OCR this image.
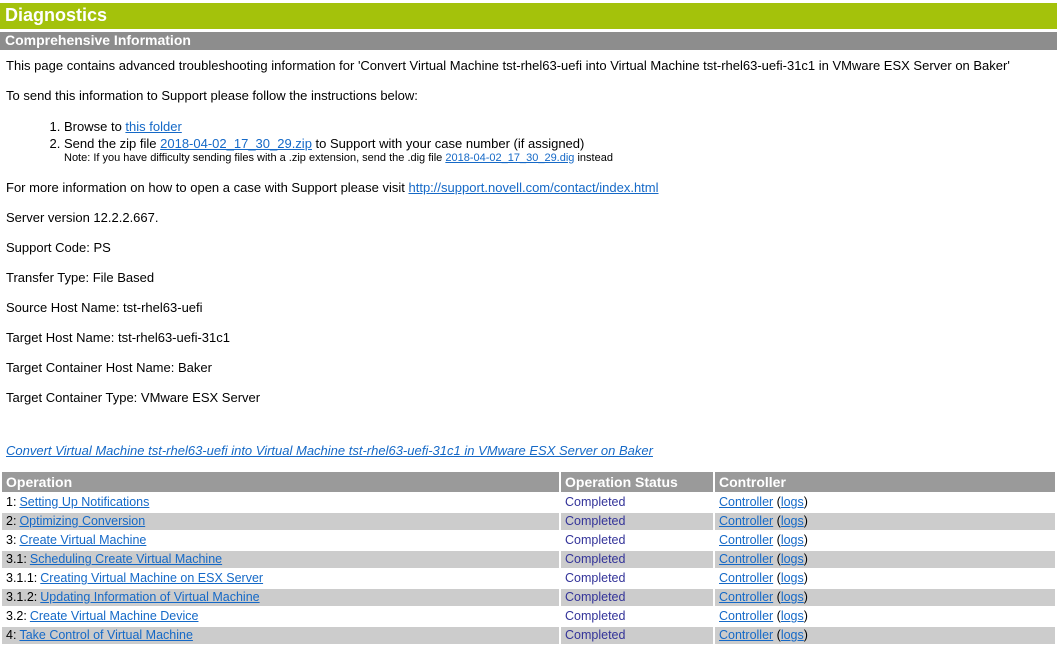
Diagnostics
Comprehensive Information

This page contains advanced troubleshooting information for 'Convert Virtual Machine tst-rhel63-uefi into Virtual Machine tst-rhel63-uefi-31c1 in VMware ESX Server on Baker'

To send this information to Support please follow the instructions below:

1. Browse to this folder
2. Send the zip file 2018-04-02_17_30_29.zip to Support with your case number (if assigned)
Note: If you have difficulty sending files with a .zip extension, send the .dig file 2018-04-02_17_30_29.dig instead

For more information on how to open a case with Support please visit http://support.novell.com/contact/index.html

Server version 12.2.2.667.

Support Code: PS

Transfer Type: File Based

Source Host Name: tst-rhel63-uefi

Target Host Name: tst-rhel63-uefi-31c1

Target Container Host Name: Baker

Target Container Type: VMware ESX Server

Convert Virtual Machine tst-rhel63-uefi into Virtual Machine tst-rhel63-uefi-31c1 in VMware ESX Server on Baker

Operation	Operation Status	Controller
1: Setting Up Notifications	Completed	Controller (logs)
2: Optimizing Conversion	Completed	Controller (logs)
3: Create Virtual Machine	Completed	Controller (logs)
3.1: Scheduling Create Virtual Machine	Completed	Controller (logs)
3.1.1: Creating Virtual Machine on ESX Server	Completed	Controller (logs)
3.1.2: Updating Information of Virtual Machine	Completed	Controller (logs)
3.2: Create Virtual Machine Device	Completed	Controller (logs)
4: Take Control of Virtual Machine	Completed	Controller (logs)
